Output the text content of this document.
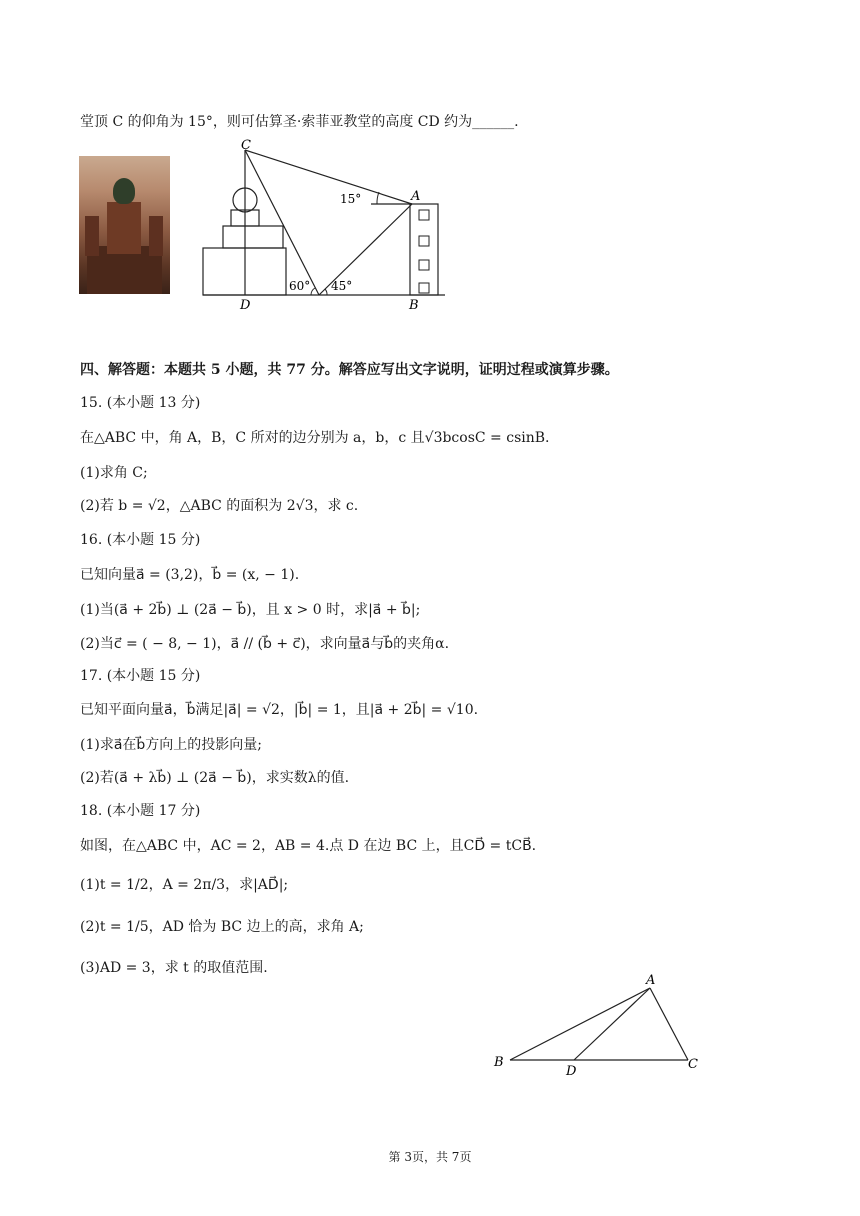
堂顶 C 的仰角为 15°，则可估算圣·索菲亚教堂的高度 CD 约为______.
C
A
D	B
15°
60° 45°
四、解答题：本题共 5 小题，共 77 分。解答应写出文字说明，证明过程或演算步骤。
15. (本小题 13 分)
在△ABC 中，角 A，B，C 所对的边分别为 a，b，c 且√3bcosC = csinB.
(1)求角 C;
(2)若 b = √2，△ABC 的面积为 2√3，求 c.
16. (本小题 15 分)
已知向量a⃗ = (3,2)，b⃗ = (x, − 1).
(1)当(a⃗ + 2b⃗) ⊥ (2a⃗ − b⃗)，且 x > 0 时，求|a⃗ + b⃗|;
(2)当c⃗ = ( − 8, − 1)，a⃗ // (b⃗ + c⃗)，求向量a⃗与b⃗的夹角α.
17. (本小题 15 分)
已知平面向量a⃗，b⃗满足|a⃗| = √2，|b⃗| = 1，且|a⃗ + 2b⃗| = √10.
(1)求a⃗在b⃗方向上的投影向量;
(2)若(a⃗ + λb⃗) ⊥ (2a⃗ − b⃗)，求实数λ的值.
18. (本小题 17 分)
如图，在△ABC 中，AC = 2，AB = 4.点 D 在边 BC 上，且CD⃗ = tCB⃗.
(1)t = 1/2，A = 2π/3，求|AD⃗|;
(2)t = 1/5，AD 恰为 BC 边上的高，求角 A;
(3)AD = 3，求 t 的取值范围.
A
B	C
D
第 3页，共 7页
